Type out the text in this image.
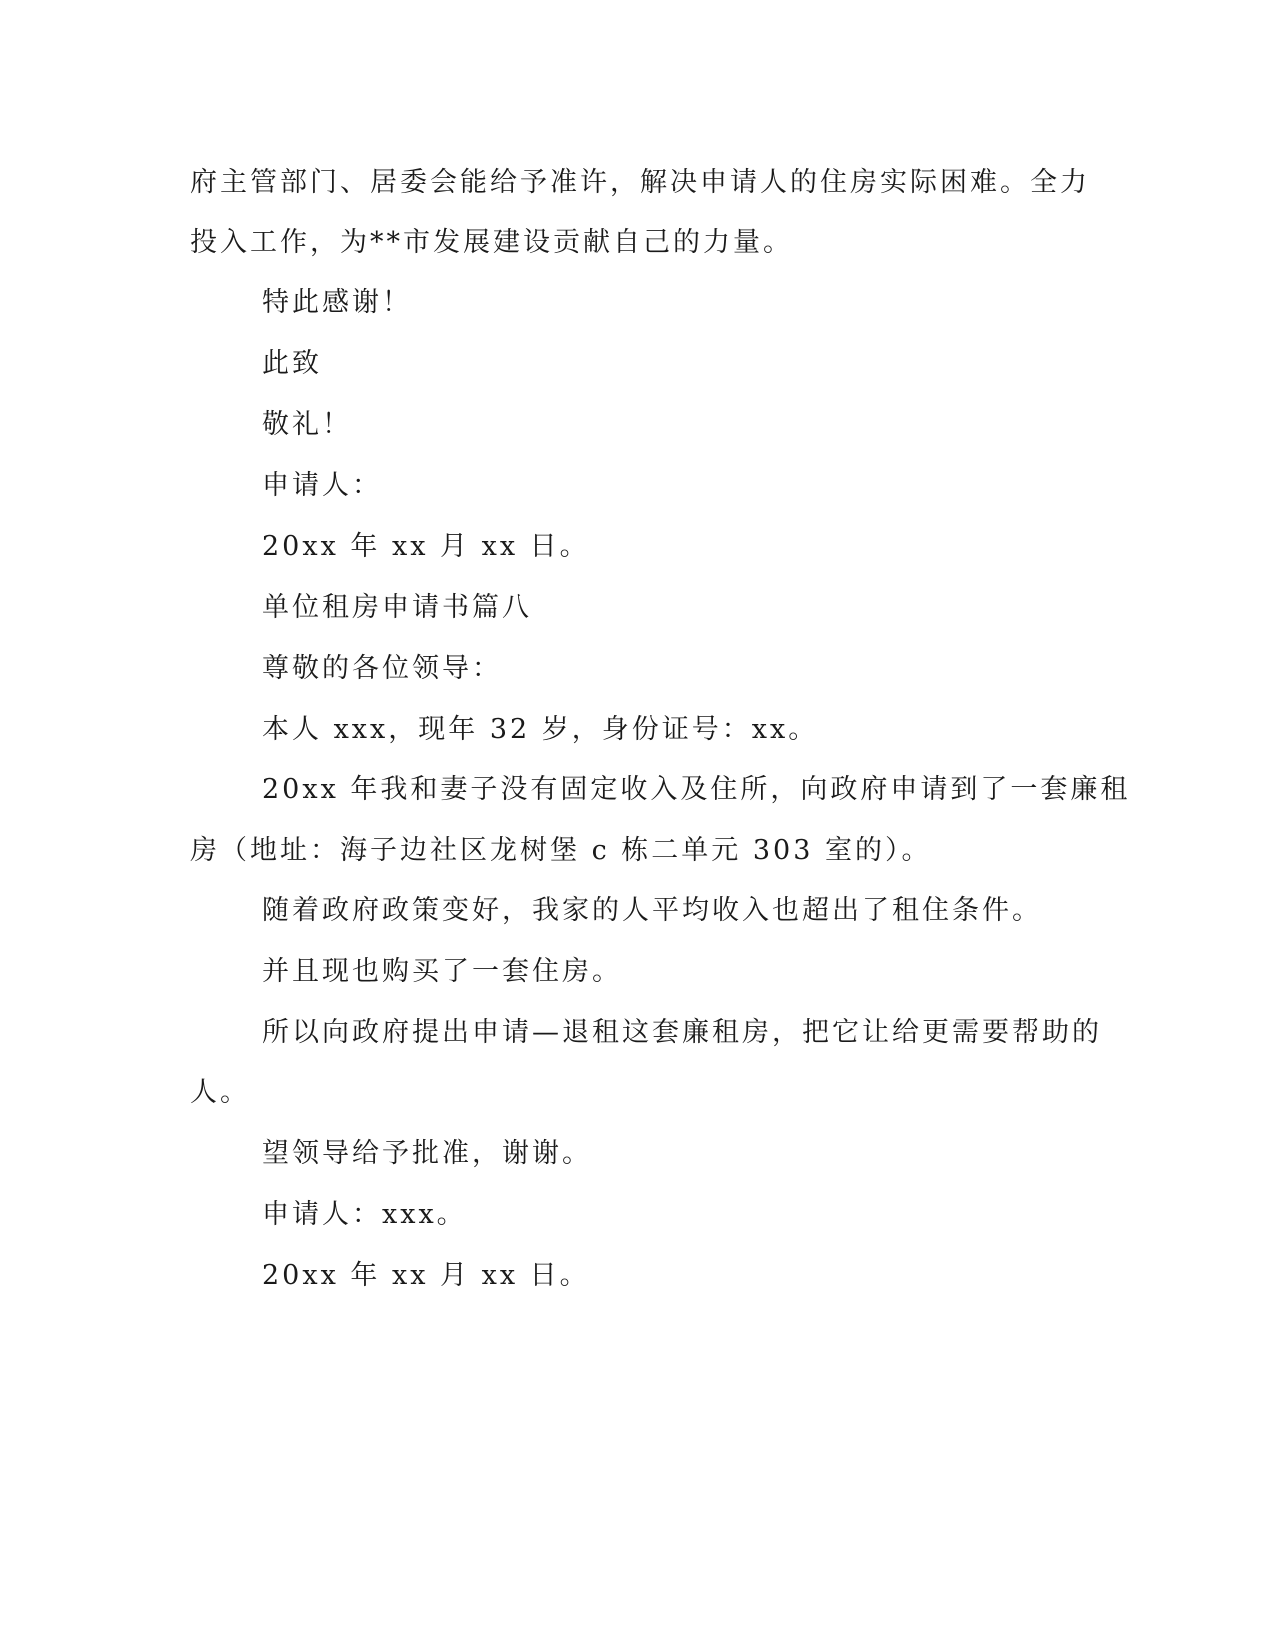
府主管部门、居委会能给予准许，解决申请人的住房实际困难。全力
投入工作，为**市发展建设贡献自己的力量。
特此感谢！
此致
敬礼！
申请人：
20xx 年 xx 月 xx 日。
单位租房申请书篇八
尊敬的各位领导：
本人 xxx，现年 32 岁，身份证号：xx。
20xx 年我和妻子没有固定收入及住所，向政府申请到了一套廉租
房（地址：海子边社区龙树堡 c 栋二单元 303 室的）。
随着政府政策变好，我家的人平均收入也超出了租住条件。
并且现也购买了一套住房。
所以向政府提出申请—退租这套廉租房，把它让给更需要帮助的
人。
望领导给予批准，谢谢。
申请人：xxx。
20xx 年 xx 月 xx 日。
